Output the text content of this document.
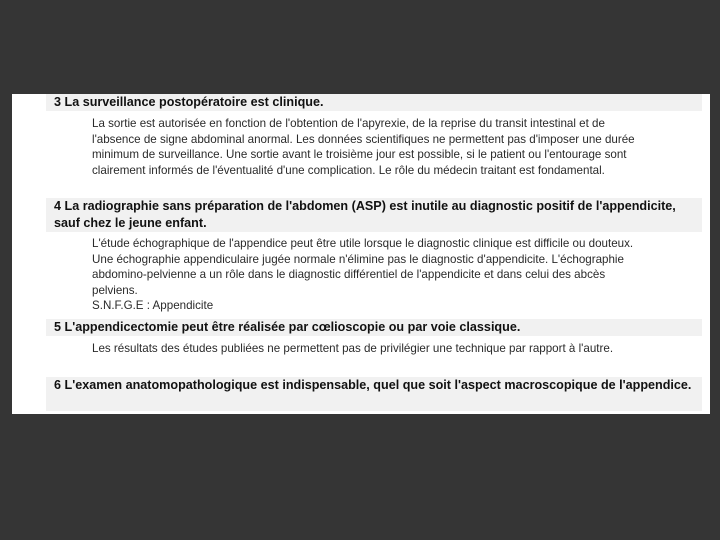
3 La surveillance postopératoire est clinique.
La sortie est autorisée en fonction de l'obtention de l'apyrexie, de la reprise du transit intestinal et de l'absence de signe abdominal anormal. Les données scientifiques ne permettent pas d'imposer une durée minimum de surveillance. Une sortie avant le troisième jour est possible, si le patient ou l'entourage sont clairement informés de l'éventualité d'une complication. Le rôle du médecin traitant est fondamental.
4 La radiographie sans préparation de l'abdomen (ASP) est inutile au diagnostic positif de l'appendicite, sauf chez le jeune enfant.
L'étude échographique de l'appendice peut être utile lorsque le diagnostic clinique est difficile ou douteux. Une échographie appendiculaire jugée normale n'élimine pas le diagnostic d'appendicite. L'échographie abdomino-pelvienne a un rôle dans le diagnostic différentiel de l'appendicite et dans celui des abcès pelviens.
S.N.F.G.E : Appendicite
5 L'appendicectomie peut être réalisée par cœlioscopie ou par voie classique.
Les résultats des études publiées ne permettent pas de privilégier une technique par rapport à l'autre.
6 L'examen anatomopathologique est indispensable, quel que soit l'aspect macroscopique de l'appendice.
